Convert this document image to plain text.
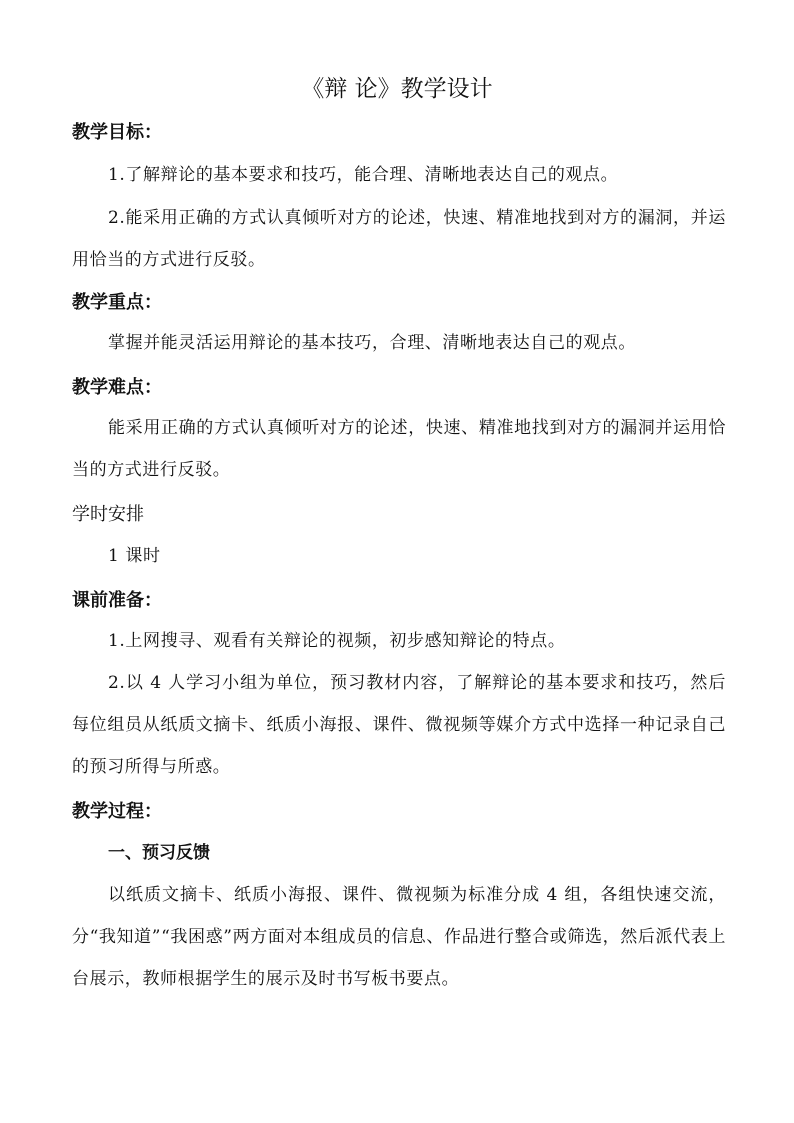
《辩 论》教学设计
教学目标：
1.了解辩论的基本要求和技巧，能合理、清晰地表达自己的观点。
2.能采用正确的方式认真倾听对方的论述，快速、精准地找到对方的漏洞，并运用恰当的方式进行反驳。
教学重点：
掌握并能灵活运用辩论的基本技巧，合理、清晰地表达自己的观点。
教学难点：
能采用正确的方式认真倾听对方的论述，快速、精准地找到对方的漏洞并运用恰当的方式进行反驳。
学时安排
1 课时
课前准备：
1.上网搜寻、观看有关辩论的视频，初步感知辩论的特点。
2.以 4 人学习小组为单位，预习教材内容，了解辩论的基本要求和技巧，然后每位组员从纸质文摘卡、纸质小海报、课件、微视频等媒介方式中选择一种记录自己的预习所得与所惑。
教学过程：
一、预习反馈
以纸质文摘卡、纸质小海报、课件、微视频为标准分成 4 组，各组快速交流，分“我知道”“我困惑”两方面对本组成员的信息、作品进行整合或筛选，然后派代表上台展示，教师根据学生的展示及时书写板书要点。
